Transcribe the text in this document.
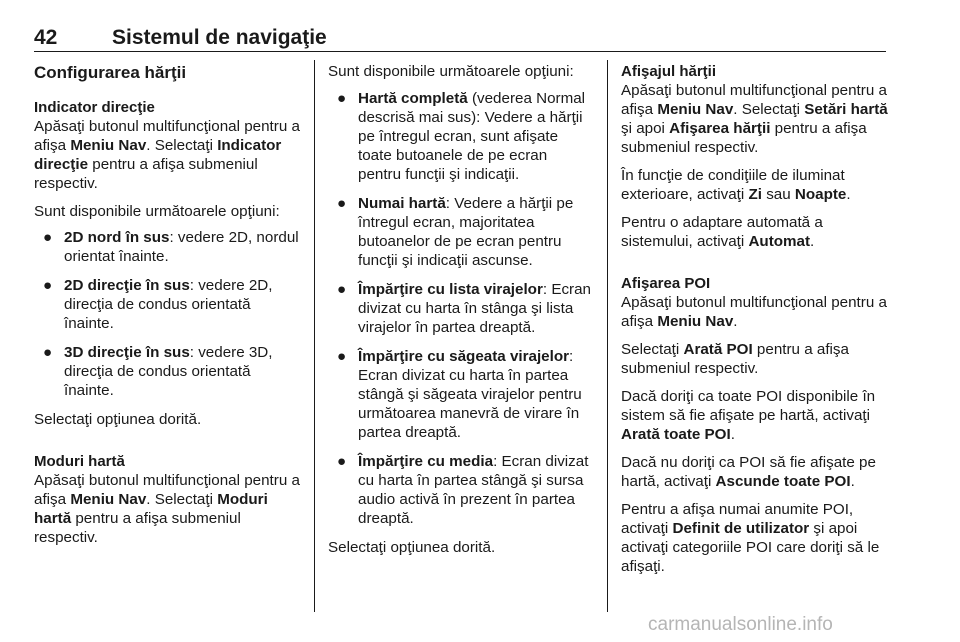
42	Sistemul de navigaţie
Configurarea hărţii
Indicator direcţie

Apăsaţi butonul multifuncţional pentru a afişa Meniu Nav. Selectaţi Indicator direcţie pentru a afişa submeniul respectiv.

Sunt disponibile următoarele opţiuni:

● 2D nord în sus: vedere 2D, nordul orientat înainte.
● 2D direcţie în sus: vedere 2D, direcţia de condus orientată înainte.
● 3D direcţie în sus: vedere 3D, direcţia de condus orientată înainte.

Selectaţi opţiunea dorită.

Moduri hartă

Apăsaţi butonul multifuncţional pentru a afişa Meniu Nav. Selectaţi Moduri hartă pentru a afişa submeniul respectiv.

Sunt disponibile următoarele opţiuni:

● Hartă completă (vederea Normal descrisă mai sus): Vedere a hărţii pe întregul ecran, sunt afişate toate butoanele de pe ecran pentru funcţii şi indicaţii.
● Numai hartă: Vedere a hărţii pe întregul ecran, majoritatea butoanelor de pe ecran pentru funcţii şi indicaţii ascunse.
● Împărţire cu lista virajelor: Ecran divizat cu harta în stânga şi lista virajelor în partea dreaptă.
● Împărţire cu săgeata virajelor: Ecran divizat cu harta în partea stângă şi săgeata virajelor pentru următoarea manevră de virare în partea dreaptă.
● Împărţire cu media: Ecran divizat cu harta în partea stângă şi sursa audio activă în prezent în partea dreaptă.

Selectaţi opţiunea dorită.

Afişajul hărţii

Apăsaţi butonul multifuncţional pentru a afişa Meniu Nav. Selectaţi Setări hartă şi apoi Afişarea hărţii pentru a afişa submeniul respectiv.

În funcţie de condiţiile de iluminat exterioare, activaţi Zi sau Noapte.

Pentru o adaptare automată a sistemului, activaţi Automat.

Afişarea POI

Apăsaţi butonul multifuncţional pentru a afişa Meniu Nav.

Selectaţi Arată POI pentru a afişa submeniul respectiv.

Dacă doriţi ca toate POI disponibile în sistem să fie afişate pe hartă, activaţi Arată toate POI.

Dacă nu doriţi ca POI să fie afişate pe hartă, activaţi Ascunde toate POI.

Pentru a afişa numai anumite POI, activaţi Definit de utilizator şi apoi activaţi categoriile POI care doriţi să le afişaţi.

carmanualsonline.info
